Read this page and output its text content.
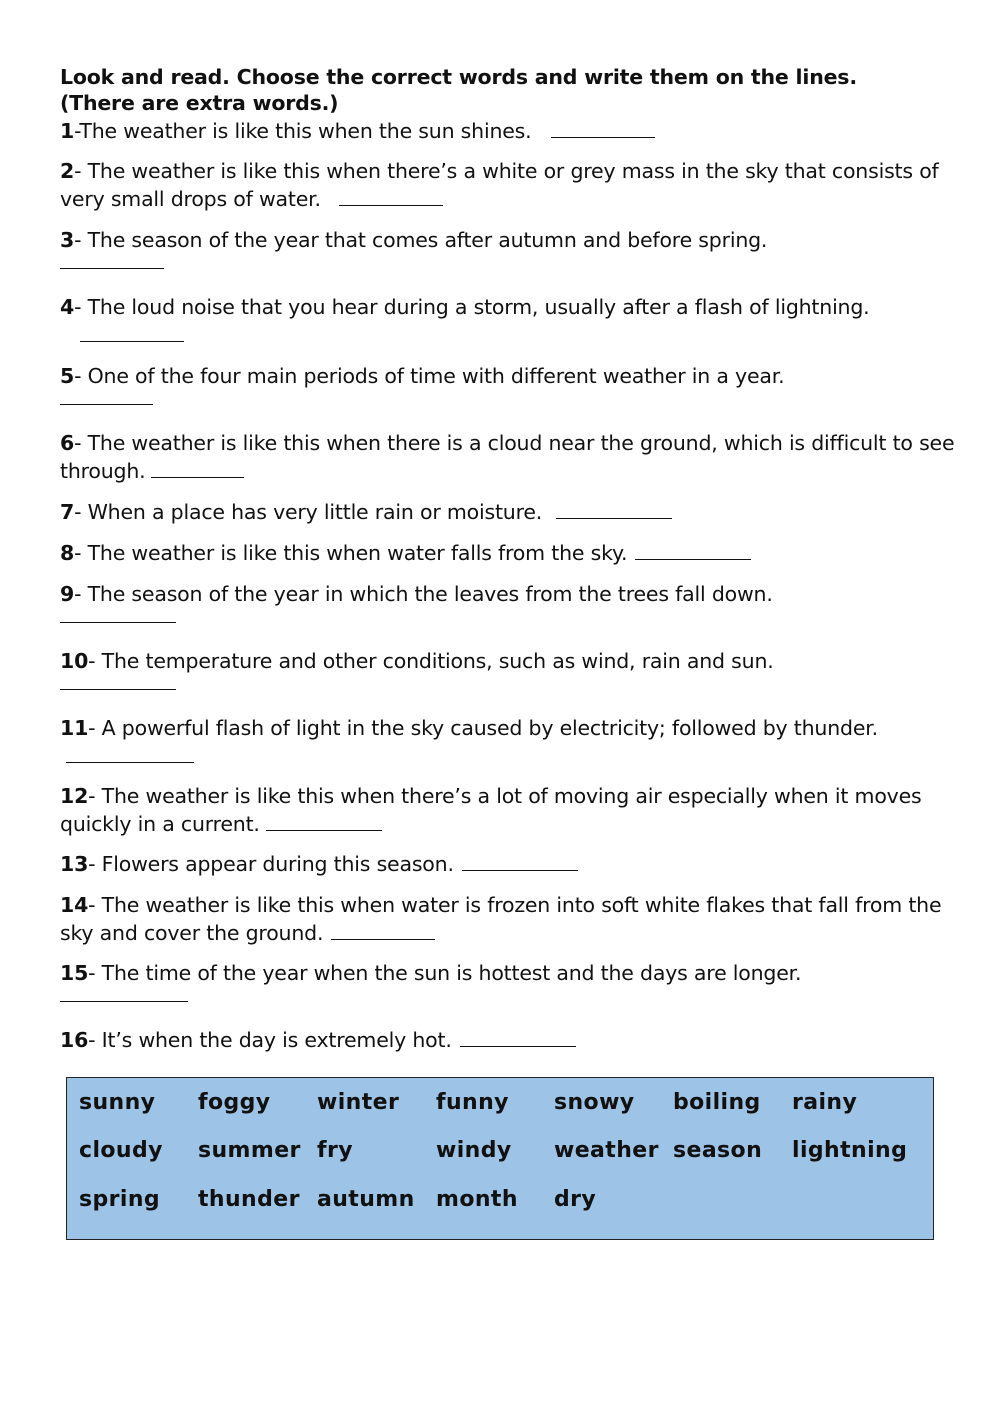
Look and read. Choose the correct words and write them on the lines.

(There are extra words.)

1-The weather is like this when the sun shines.

2- The weather is like this when there’s a white or grey mass in the sky that consists of very small drops of water.

3- The season of the year that comes after autumn and before spring.

4- The loud noise that you hear during a storm, usually after a flash of lightning.

5- One of the four main periods of time with different weather in a year.

6- The weather is like this when there is a cloud near the ground, which is difficult to see through.

7- When a place has very little rain or moisture.

8- The weather is like this when water falls from the sky.

9- The season of the year in which the leaves from the trees fall down.

10- The temperature and other conditions, such as wind, rain and sun.

11- A powerful flash of light in the sky caused by electricity; followed by thunder.

12- The weather is like this when there’s a lot of moving air especially when it moves quickly in a current.

13- Flowers appear during this season.

14- The weather is like this when water is frozen into soft white flakes that fall from the sky and cover the ground.

15- The time of the year when the sun is hottest and the days are longer.

16- It’s when the day is extremely hot.

sunny foggy winter funny snowy boiling rainy
cloudy summer fry	windy weather season lightning
spring thunder autumn month dry
